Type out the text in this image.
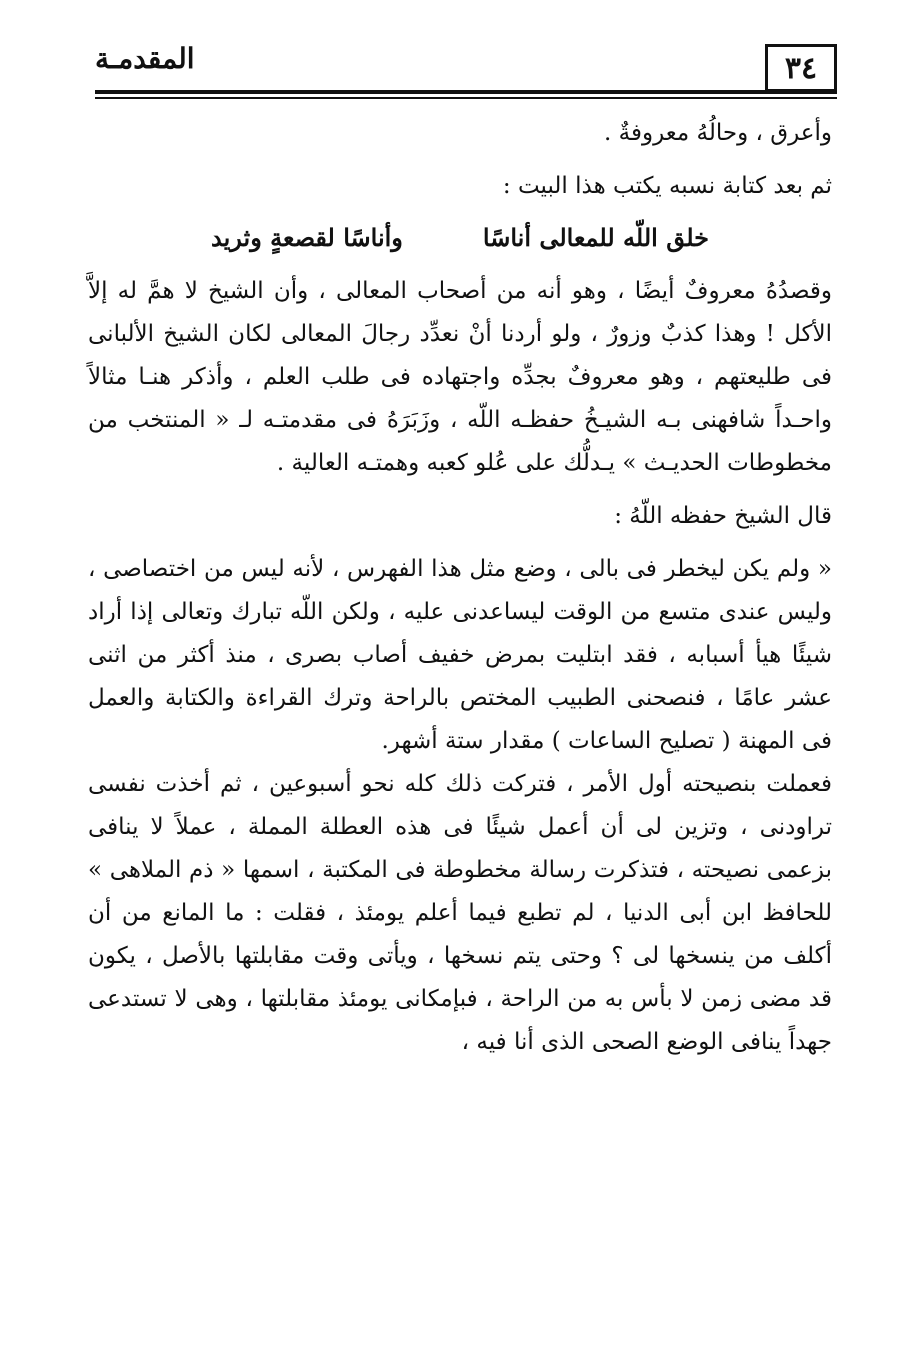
٣٤
المقدمـة

وأعرق ، وحالُهُ معروفةٌ .

ثم بعد كتابة نسبه يكتب هذا البيت :

خلق اللّه للمعالى أناسًا
وأناسًا لقصعةٍ وثريد

وقصدُهُ معروفٌ أيضًا ، وهو أنه من أصحاب المعالى ، وأن الشيخ لا همَّ له إلاَّ الأكل ! وهذا كذبٌ وزورٌ ، ولو أردنا أنْ نعدِّد رجالَ المعالى لكان الشيخ الألبانى فى طليعتهم ، وهو معروفٌ بجدِّه واجتهاده فى طلب العلم ، وأذكر هنـا مثالاً واحـداً شافهنى بـه الشيـخُ حفظـه اللّه ، وزَبَرَهُ فى مقدمتـه لـ « المنتخب من مخطوطات الحديـث » يـدلُّك على عُلو كعبه وهمتـه العالية .

قال الشيخ حفظه اللّهُ :

« ولم يكن ليخطر فى بالى ، وضع مثل هذا الفهرس ، لأنه ليس من اختصاصى ، وليس عندى متسع من الوقت ليساعدنى عليه ، ولكن اللّه تبارك وتعالى إذا أراد شيئًا هيأ أسبابه ، فقد ابتليت بمرض خفيف أصاب بصرى ، منذ أكثر من اثنى عشر عامًا ، فنصحنى الطبيب المختص بالراحة وترك القراءة والكتابة والعمل فى المهنة ( تصليح الساعات ) مقدار ستة أشهر.

فعملت بنصيحته أول الأمر ، فتركت ذلك كله نحو أسبوعين ، ثم أخذت نفسى تراودنى ، وتزين لى أن أعمل شيئًا فى هذه العطلة المملة ، عملاً لا ينافى بزعمى نصيحته ، فتذكرت رسالة مخطوطة فى المكتبة ، اسمها « ذم الملاهى » للحافظ ابن أبى الدنيا ، لم تطبع فيما أعلم يومئذ ، فقلت : ما المانع من أن أكلف من ينسخها لى ؟ وحتى يتم نسخها ، ويأتى وقت مقابلتها بالأصل ، يكون قد مضى زمن لا بأس به من الراحة ، فبإمكانى يومئذ مقابلتها ، وهى لا تستدعى جهداً ينافى الوضع الصحى الذى أنا فيه ،
